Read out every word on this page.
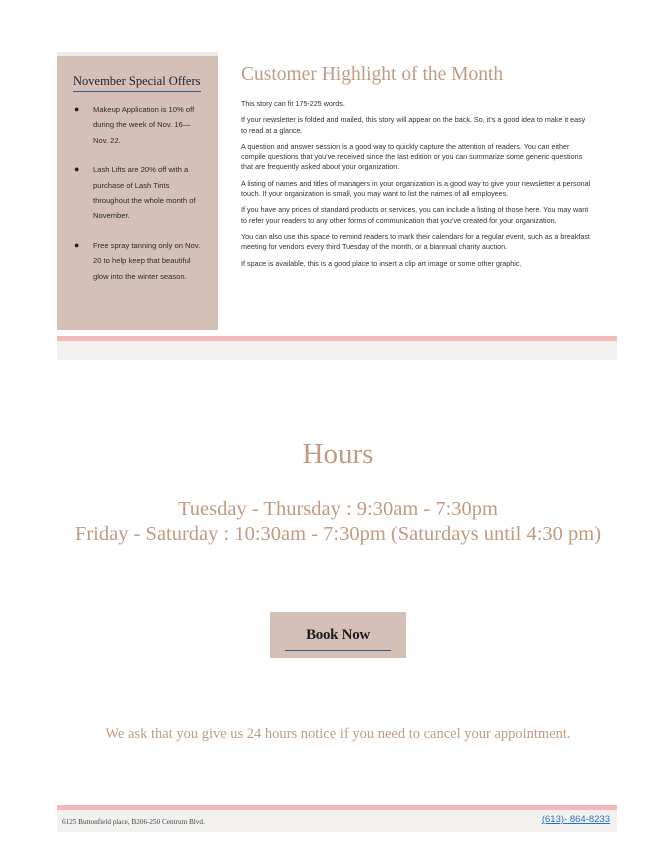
November Special Offers
● Makeup Application is 10% off during the week of Nov. 16—Nov. 22.
● Lash Lifts are 20% off with a purchase of Lash Tints throughout the whole month of November.
● Free spray tanning only on Nov. 20 to help keep that beautiful glow into the winter season.
Customer Highlight of the Month

This story can fit 175-225 words.

If your newsletter is folded and mailed, this story will appear on the back. So, it’s a good idea to make it easy to read at a glance.

A question and answer session is a good way to quickly capture the attention of readers. You can either compile questions that you’ve received since the last edition or you can summarize some generic questions that are frequently asked about your organization.

A listing of names and titles of managers in your organization is a good way to give your newsletter a personal touch. If your organization is small, you may want to list the names of all employees.

If you have any prices of standard products or services, you can include a listing of those here. You may want to refer your readers to any other forms of communication that you’ve created for your organization.

You can also use this space to remind readers to mark their calendars for a regular event, such as a breakfast meeting for vendors every third Tuesday of the month, or a biannual charity auction.

If space is available, this is a good place to insert a clip art image or some other graphic.

Hours
Tuesday - Thursday : 9:30am - 7:30pm
Friday - Saturday : 10:30am - 7:30pm (Saturdays until 4:30 pm)
Book Now
We ask that you give us 24 hours notice if you need to cancel your appointment.
6125 Buttonfield place, B206-250 Centrum Blvd.	(613)- 864-8233
